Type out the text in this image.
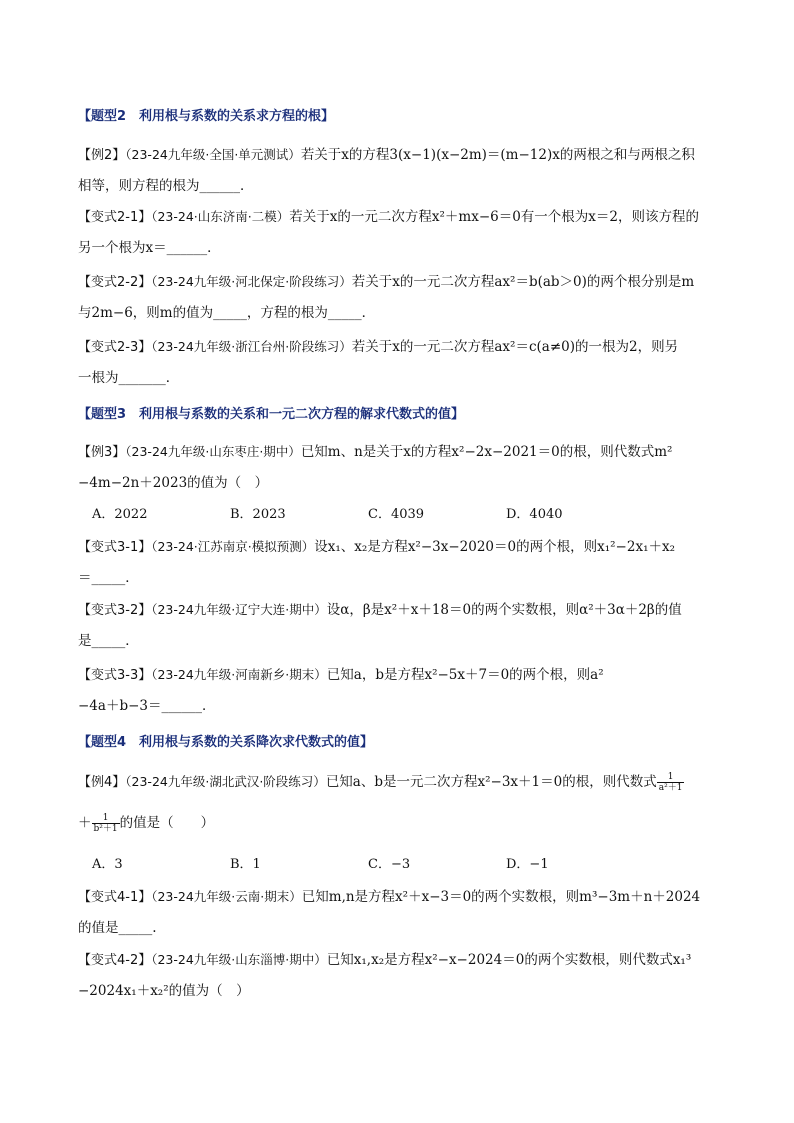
【题型2　利用根与系数的关系求方程的根】
【例2】（23-24九年级·全国·单元测试）若关于x的方程3(x−1)(x−2m)＝(m−12)x的两根之和与两根之积
相等，则方程的根为______．
【变式2-1】（23-24·山东济南·二模）若关于x的一元二次方程x²＋mx−6＝0有一个根为x＝2，则该方程的
另一个根为x＝______．
【变式2-2】（23-24九年级·河北保定·阶段练习）若关于x的一元二次方程ax²＝b(ab＞0)的两个根分别是m
与2m−6，则m的值为_____，方程的根为_____．
【变式2-3】（23-24九年级·浙江台州·阶段练习）若关于x的一元二次方程ax²＝c(a≠0)的一根为2，则另
一根为_______．
【题型3　利用根与系数的关系和一元二次方程的解求代数式的值】
【例3】（23-24九年级·山东枣庄·期中）已知m、n是关于x的方程x²−2x−2021＝0的根，则代数式m²
−4m−2n＋2023的值为（　）
A．2022	B．2023	C．4039	D．4040
【变式3-1】（23-24·江苏南京·模拟预测）设x₁、x₂是方程x²−3x−2020＝0的两个根，则x₁²−2x₁＋x₂
＝_____．
【变式3-2】（23-24九年级·辽宁大连·期中）设α，β是x²＋x＋18＝0的两个实数根，则α²＋3α＋2β的值
是_____．
【变式3-3】（23-24九年级·河南新乡·期末）已知a，b是方程x²−5x＋7＝0的两个根，则a²
−4a＋b−3＝______．
【题型4　利用根与系数的关系降次求代数式的值】
【例4】（23-24九年级·湖北武汉·阶段练习）已知a、b是一元二次方程x²−3x＋1＝0的根，则代数式 $\frac{1}{\text{a²＋1}}$
＋ $\frac{1}{\text{b²＋1}}$ 的值是（　　）
A．3	B．1	C．−3	D．−1
【变式4-1】（23-24九年级·云南·期末）已知m,n是方程x²＋x−3＝0的两个实数根，则m³−3m＋n＋2024
的值是_____.
【变式4-2】（23-24九年级·山东淄博·期中）已知x₁,x₂是方程x²−x−2024＝0的两个实数根，则代数式x₁³
−2024x₁＋x₂²的值为（　）
